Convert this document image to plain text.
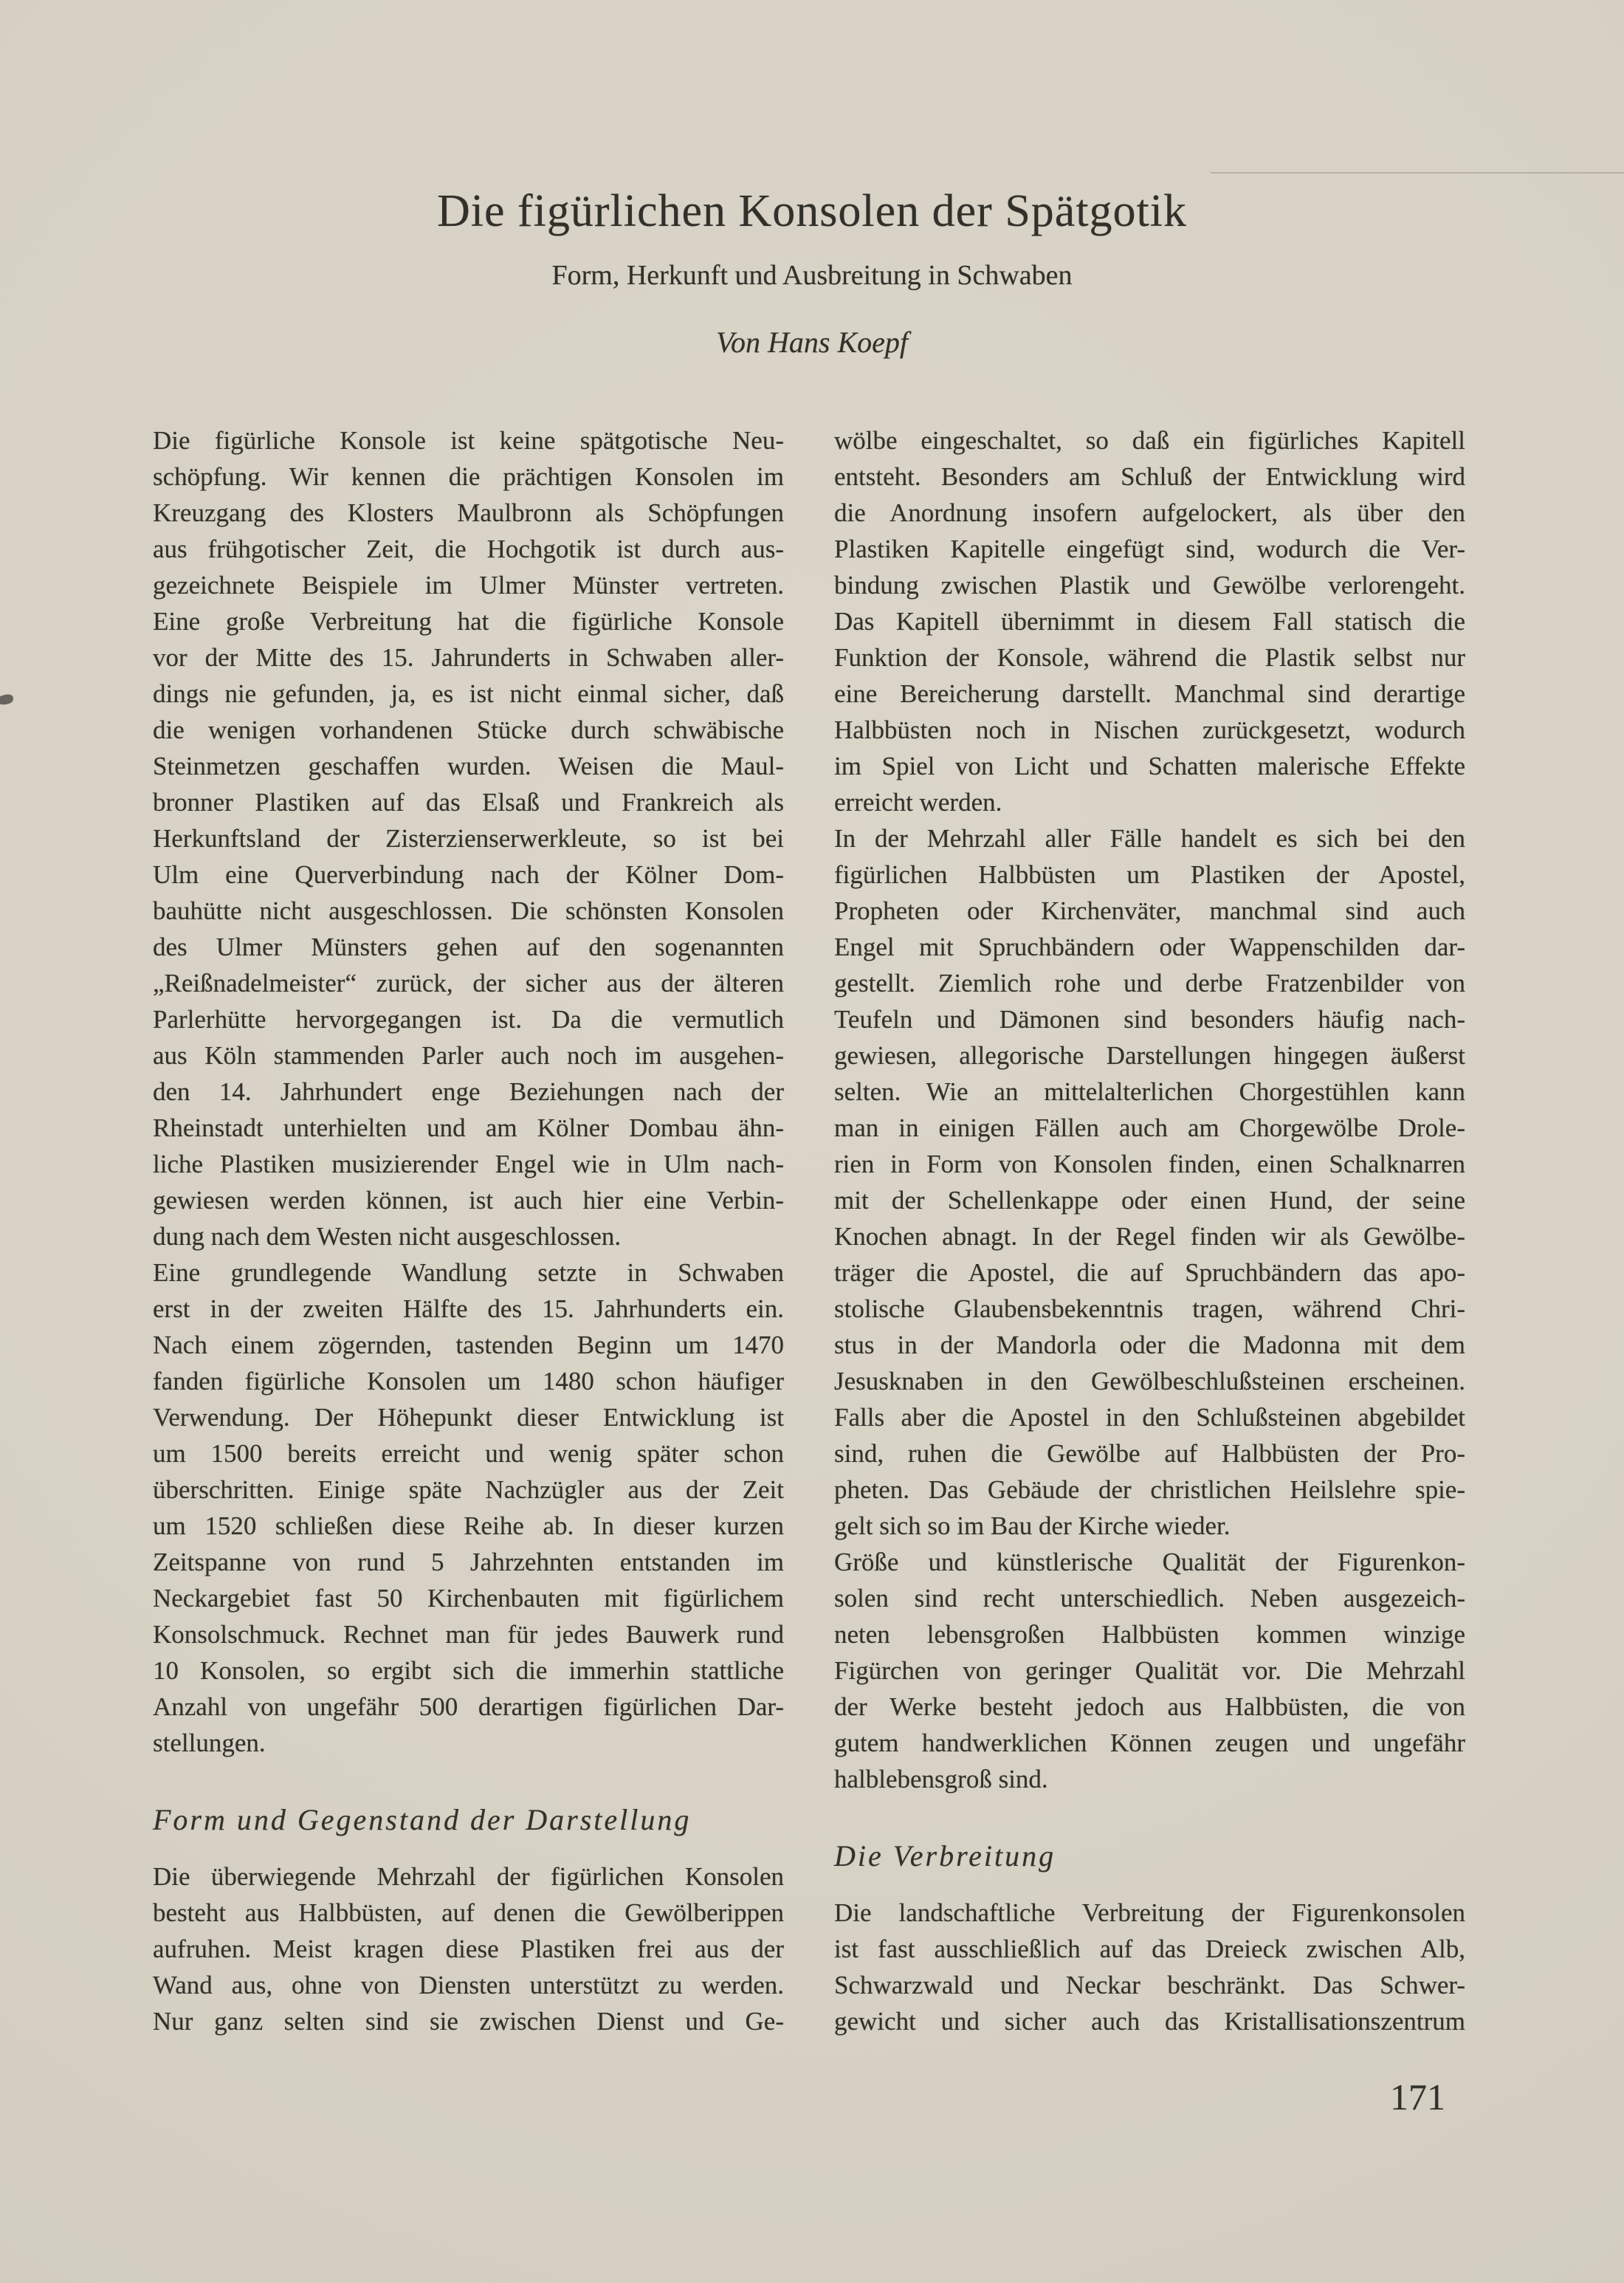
Die figürlichen Konsolen der Spätgotik
Form, Herkunft und Ausbreitung in Schwaben
Von Hans Koepf
Die figürliche Konsole ist keine spätgotische Neu-
schöpfung. Wir kennen die prächtigen Konsolen im
Kreuzgang des Klosters Maulbronn als Schöpfungen
aus frühgotischer Zeit, die Hochgotik ist durch aus-
gezeichnete Beispiele im Ulmer Münster vertreten.
Eine große Verbreitung hat die figürliche Konsole
vor der Mitte des 15. Jahrunderts in Schwaben aller-
dings nie gefunden, ja, es ist nicht einmal sicher, daß
die wenigen vorhandenen Stücke durch schwäbische
Steinmetzen geschaffen wurden. Weisen die Maul-
bronner Plastiken auf das Elsaß und Frankreich als
Herkunftsland der Zisterzienserwerkleute, so ist bei
Ulm eine Querverbindung nach der Kölner Dom-
bauhütte nicht ausgeschlossen. Die schönsten Konsolen
des Ulmer Münsters gehen auf den sogenannten
„Reißnadelmeister“ zurück, der sicher aus der älteren
Parlerhütte hervorgegangen ist. Da die vermutlich
aus Köln stammenden Parler auch noch im ausgehen-
den 14. Jahrhundert enge Beziehungen nach der
Rheinstadt unterhielten und am Kölner Dombau ähn-
liche Plastiken musizierender Engel wie in Ulm nach-
gewiesen werden können, ist auch hier eine Verbin-
dung nach dem Westen nicht ausgeschlossen.
Eine grundlegende Wandlung setzte in Schwaben
erst in der zweiten Hälfte des 15. Jahrhunderts ein.
Nach einem zögernden, tastenden Beginn um 1470
fanden figürliche Konsolen um 1480 schon häufiger
Verwendung. Der Höhepunkt dieser Entwicklung ist
um 1500 bereits erreicht und wenig später schon
überschritten. Einige späte Nachzügler aus der Zeit
um 1520 schließen diese Reihe ab. In dieser kurzen
Zeitspanne von rund 5 Jahrzehnten entstanden im
Neckargebiet fast 50 Kirchenbauten mit figürlichem
Konsolschmuck. Rechnet man für jedes Bauwerk rund
10 Konsolen, so ergibt sich die immerhin stattliche
Anzahl von ungefähr 500 derartigen figürlichen Dar-
stellungen.
Form und Gegenstand der Darstellung
Die überwiegende Mehrzahl der figürlichen Konsolen
besteht aus Halbbüsten, auf denen die Gewölberippen
aufruhen. Meist kragen diese Plastiken frei aus der
Wand aus, ohne von Diensten unterstützt zu werden.
Nur ganz selten sind sie zwischen Dienst und Ge-
wölbe eingeschaltet, so daß ein figürliches Kapitell
entsteht. Besonders am Schluß der Entwicklung wird
die Anordnung insofern aufgelockert, als über den
Plastiken Kapitelle eingefügt sind, wodurch die Ver-
bindung zwischen Plastik und Gewölbe verlorengeht.
Das Kapitell übernimmt in diesem Fall statisch die
Funktion der Konsole, während die Plastik selbst nur
eine Bereicherung darstellt. Manchmal sind derartige
Halbbüsten noch in Nischen zurückgesetzt, wodurch
im Spiel von Licht und Schatten malerische Effekte
erreicht werden.
In der Mehrzahl aller Fälle handelt es sich bei den
figürlichen Halbbüsten um Plastiken der Apostel,
Propheten oder Kirchenväter, manchmal sind auch
Engel mit Spruchbändern oder Wappenschilden dar-
gestellt. Ziemlich rohe und derbe Fratzenbilder von
Teufeln und Dämonen sind besonders häufig nach-
gewiesen, allegorische Darstellungen hingegen äußerst
selten. Wie an mittelalterlichen Chorgestühlen kann
man in einigen Fällen auch am Chorgewölbe Drole-
rien in Form von Konsolen finden, einen Schalknarren
mit der Schellenkappe oder einen Hund, der seine
Knochen abnagt. In der Regel finden wir als Gewölbe-
träger die Apostel, die auf Spruchbändern das apo-
stolische Glaubensbekenntnis tragen, während Chri-
stus in der Mandorla oder die Madonna mit dem
Jesusknaben in den Gewölbeschlußsteinen erscheinen.
Falls aber die Apostel in den Schlußsteinen abgebildet
sind, ruhen die Gewölbe auf Halbbüsten der Pro-
pheten. Das Gebäude der christlichen Heilslehre spie-
gelt sich so im Bau der Kirche wieder.
Größe und künstlerische Qualität der Figurenkon-
solen sind recht unterschiedlich. Neben ausgezeich-
neten lebensgroßen Halbbüsten kommen winzige
Figürchen von geringer Qualität vor. Die Mehrzahl
der Werke besteht jedoch aus Halbbüsten, die von
gutem handwerklichen Können zeugen und ungefähr
halblebensgroß sind.
Die Verbreitung
Die landschaftliche Verbreitung der Figurenkonsolen
ist fast ausschließlich auf das Dreieck zwischen Alb,
Schwarzwald und Neckar beschränkt. Das Schwer-
gewicht und sicher auch das Kristallisationszentrum
171
